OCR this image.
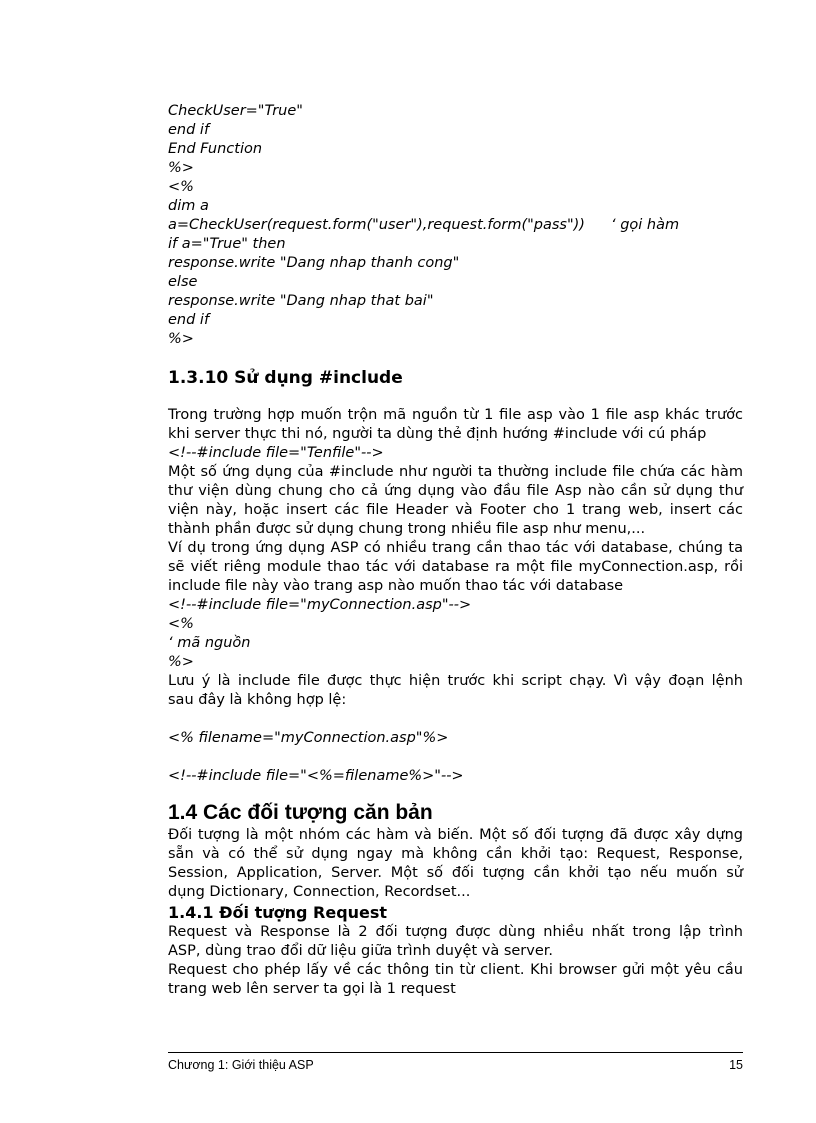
CheckUser="True"
end if
End Function
%>
<%
dim a
a=CheckUser(request.form("user"),request.form("pass")) ‘ gọi hàm
if a="True" then
response.write "Dang nhap thanh cong"
else
response.write "Dang nhap that bai"
end if
%>
1.3.10 Sử dụng #include
Trong trường hợp muốn trộn mã nguồn từ 1 file asp vào 1 file asp khác trước
khi server thực thi nó, người ta dùng thẻ định hướng #include với cú pháp
<!--#include file="Tenfile"-->
Một số ứng dụng của #include như người ta thường include file chứa các hàm
thư viện dùng chung cho cả ứng dụng vào đầu file Asp nào cần sử dụng thư
viện này, hoặc insert các file Header và Footer cho 1 trang web, insert các
thành phần được sử dụng chung trong nhiều file asp như menu,...
Ví dụ trong ứng dụng ASP có nhiều trang cần thao tác với database, chúng ta
sẽ viết riêng module thao tác với database ra một file myConnection.asp, rồi
include file này vào trang asp nào muốn thao tác với database
<!--#include file="myConnection.asp"-->
<%
‘ mã nguồn
%>
Lưu ý là include file được thực hiện trước khi script chạy. Vì vậy đoạn lệnh
sau đây là không hợp lệ:
<% filename="myConnection.asp"%>
<!--#include file="<%=filename%>"-->
1.4 Các đối tượng căn bản
Đối tượng là một nhóm các hàm và biến. Một số đối tượng đã được xây dựng
sẵn và có thể sử dụng ngay mà không cần khởi tạo: Request, Response,
Session, Application, Server. Một số đối tượng cần khởi tạo nếu muốn sử
dụng Dictionary, Connection, Recordset...
1.4.1 Đối tượng Request
Request và Response là 2 đối tượng được dùng nhiều nhất trong lập trình
ASP, dùng trao đổi dữ liệu giữa trình duyệt và server.
Request cho phép lấy về các thông tin từ client. Khi browser gửi một yêu cầu
trang web lên server ta gọi là 1 request
Chương 1: Giới thiệu ASP	15
